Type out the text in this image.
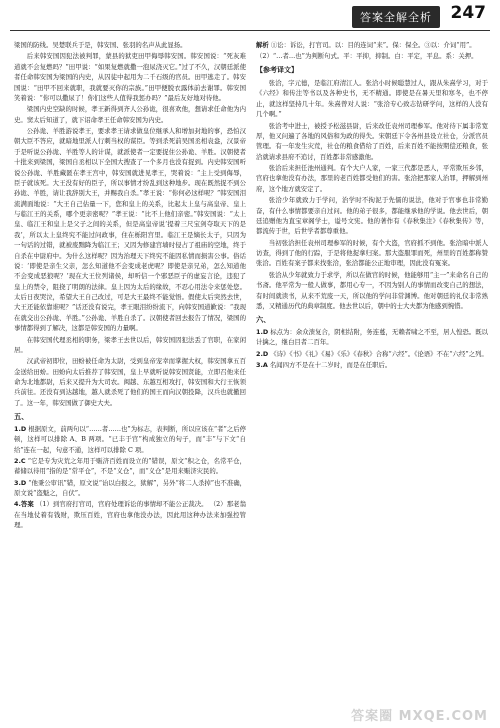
答案全解全析	247

梁国的防线。吴楚联兵于是，韩安国、张羽的名声从此显扬。

后来韩安国因犯法被判罪，蒙县的狱吏田甲侮辱韩安国。韩安国说：“死灰难道就不会复燃吗？”田甲说：“如果复燃就撒一泡尿浇灭它。”过了不久，汉朝廷派使者任命韩安国为梁国的内史，从囚徒中起用为二千石级的官员。田甲逃走了。韩安国说：“田甲不回来就职，我就要灭你的宗族。”田甲便脱衣露体前去谢罪。韩安国笑着说：“你可以撒尿了！你们这些人值得我惩办吗？”最后友好地对待他。

梁国内史空缺的时候，孝王新得到齐人公孙诡，很喜欢他，想请求任命他为内史。窦太后知道了，就下诏命孝王任命韩安国为内史。

公孙诡、羊胜游说孝王，要求孝王请求做皇位继承人和增加封地的事，恐怕汉朝大臣不答应，就暗地里派人行刺当权的谋臣。等到杀死前吴国丞相袁盎，汉景帝于是听说公孙诡、羊胜等人的计谋，就派使者一定要捉住公孙诡、羊胜。汉朝使者十批来到梁国，梁国自丞相以下全国大搜查了一个多月也没有捉到。内史韩安国听说公孙诡、羊胜藏匿在孝王宫中，韩安国就进见孝王，哭着说：“主上受到侮辱，臣子就该死。大王没有好的臣子，所以事情才纷乱到这种地步。现在既然捉不到公孙诡、羊胜，请让我辞别大王，并赐我自杀。”孝王说：“你何必这样呢？”韩安国泪流满面地说：“大王自己估量一下，您和皇上的关系，比起太上皇与高皇帝、皇上与临江王的关系，哪个更亲密呢？”孝王说：“比不上他们亲密。”韩安国说：“太上皇、临江王和皇上是父子之间的关系，但是高皇帝说‘提着三尺宝剑夺取天下的是我’，所以太上皇终究不能过问政事，住在栎阳宫里。临江王是嫡长太子，只因为一句话的过错，就被废黜降为临江王；又因为修建宫墙时侵占了祖庙的空地，终于自杀在中尉府中。为什么这样呢？因为治理天下终究不能因私情而损害公事。俗话说：‘即使是亲生父亲，怎么知道他不会变成老虎呢？即使是亲兄弟，怎么知道他不会变成恶狼呢？’现在大王位列诸侯，却听信一个邪恶臣子的虚妄言论，违犯了皇上的禁令，阻挠了明朗的法律。皇上因为太后的缘故，不忍心用法令来惩处您。太后日夜哭泣，希望大王自己改过，可是大王最终不能觉悟。假使太后突然去世，大王还能依靠谁呢？”话还没有说完，孝王眼泪纷纷流下，向韩安国道歉说：“我现在就交出公孙诡、羊胜。”公孙诡、羊胜自杀了。汉朝使者回去报告了情况，梁国的事情都得到了解决，这都是韩安国的力量啊。

在韩安国代理丞相的职务，梁孝王去世以后，韩安国因犯法丢了官职，在家闲居。

汉武帝初即位，田蚡被任命为太尉，受到皇帝宠幸而掌握大权，韩安国拿五百金送给田蚡。田蚡向太后推荐了韩安国，皇上早就听说韩安国贤能，立即召他来任命为北地都尉，后来又提升为大司农。闽越、东越互相攻打，韩安国和大行王恢领兵前往。还没有到达越地，越人就杀死了他们的国王而向汉朝投降，汉兵也就撤回了。这一年，韩安国做了御史大夫。

五、

1.D 根据原文，前两句以“……者……也”为标志，表判断，所以应该在“者”之后停顿，这样可以排除 A、B 两项。“已丰于官”构成独立的句子，而“丰”与下文“自给”连在一起，句意不通，这样可以排除 C 项。

2.C “它是专为灾荒之年用于赈济百姓而设立的”错误，原文“积之仓，名常平仓，蓄储以待用”指的是“常平仓”，不是“义仓”，而“义仓”是用来赈济灾民的。

3.D “他秉公审讯”错，原文说“诒以白报之，狱解”，另外“将二人杀掉”也不准确，原文说“盗魁之，自伏”。

4.答案 （1）到官府打官司，官府处理诉讼的事情却不能公正裁决。 （2）那老翁在当地仗着有钱财，欺压百姓，官府也拿他没办法，因此用这种办法来加强控管理。

解析 ①讼：诉讼，打官司。以：目的连词“来”。保：保全。③以：介词“用”。

（2）“…者…也”为判断句式。平：平抑，抑制。白：平定，平息。系：关押。

【参考译文】

张洽，字元德，是临江府清江人。张洽小时候聪慧过人，跟从朱熹学习，对于《六经》和传注等书以及各种史书，无不精通。即使是在暑天里和寒冬，也不停止，就这样坚持几十年。朱熹曾对人说：“张洽专心致志钻研学问，这样的人没有几个啊。”

张洽考中进士，被授予松滋县尉，后来改任袁州司理参军。他对待下属非常宽厚，他又问遍了各地的风俗和为政的得失。宋朝廷下令各州县设立社仓，分派官员管理。有一年发生灾荒，社仓的粮食借给了百姓，后来百姓不能按期偿还粮食，张洽就请求县府不追讨，百姓都非常感激他。

张洽后来担任池州通判。有个大户人家，一家三代都是恶人，平常欺压乡邻，官府也拿他没有办法，那里的老百姓都受他们的害。张洽把那家人治罪，押解到州府，这个地方就安定了。

张洽少年就致力于学问，治学时不拘泥于先儒的说法，他对于官事也非常勤奋，有什么事情都要亲自过问。他的弟子很多，都能继承他的学说。他去世后，朝廷追赠他为直宝章阁学士，谥号文宪。他的著作有《春秋集注》《春秋集传》等，都流传于世，后世学者都尊重他。

当初张洽担任袁州司理参军的时候，有个大盗，官府抓不到他。张洽暗中派人访查，得到了他的行踪，于是将他捉拿归案。那大盗服罪而死，州里的百姓都称赞张洽。百姓有案子都来找张洽，张洽都能公正地审理，因此没有冤案。

张洽从少年就致力于求学，所以在做官的时候，他能够用“主一”来命名自己的书斋。他平常为一般人做事，都用心专一，不因为别人的事情而改变自己的想法，有时间就读书，从来不荒废一天，所以他的学问非常渊博。他对朝廷的礼仪非常熟悉，又精通历代的典章制度。他去世以后，朝中的士大夫都为他感到惋惜。

六、

1.D 标点为：余众溃复合，阴相结附，务连蔓，无赖者啸之不至，居人惶恐。既以计擒之，继白目者二百年。

2.D 《诗》《书》《礼》《易》《乐》《春秋》合称“六经”。《论语》不在“六经”之列。

3.A 名闻四方不是在十二岁时，而是在任职后。

答案圈 MXQE.COM
